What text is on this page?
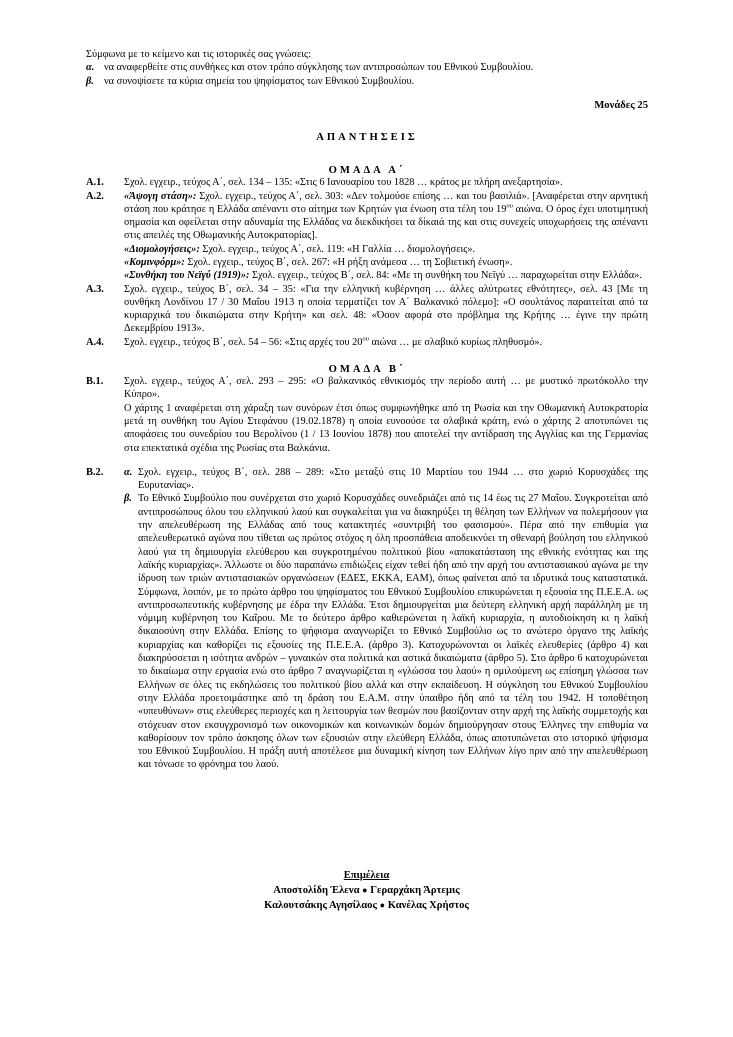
Σύμφωνα με το κείμενο και τις ιστορικές σας γνώσεις:
α. να αναφερθείτε στις συνθήκες και στον τρόπο σύγκλησης των αντιπροσώπων του Εθνικού Συμβουλίου.
β. να συνοψίσετε τα κύρια σημεία του ψηφίσματος των Εθνικού Συμβουλίου.
Μονάδες 25
ΑΠΑΝΤΗΣΕΙΣ
ΟΜΑΔΑ Α΄
Α.1.	Σχολ. εγχειρ., τεύχος Α΄, σελ. 134 – 135: «Στις 6 Ιανουαρίου του 1828 … κράτος με πλήρη ανεξαρτησία».
Α.2.	«Άψογη στάση»: Σχολ. εγχειρ., τεύχος Α΄, σελ. 303: «Δεν τολμούσε επίσης … και του βασιλιά». [Αναφέρεται στην αρνητική στάση που κράτησε η Ελλάδα απέναντι στο αίτημα των Κρητών για ένωση στα τέλη του $19^{o\upsilon}$ αιώνα. Ο όρος έχει υποτιμητική σημασία και οφείλεται στην αδυναμία της Ελλάδας να διεκδικήσει τα δίκαιά της και στις συνεχείς υποχωρήσεις της απέναντι στις απειλές της Οθωμανικής Αυτοκρατορίας].
«Διομολογήσεις»: Σχολ. εγχειρ., τεύχος Α΄, σελ. 119: «Η Γαλλία … διομολογήσεις».
«Κομινφόρμ»: Σχολ. εγχειρ., τεύχος Β΄, σελ. 267: «Η ρήξη ανάμεσα … τη Σοβιετική ένωση».
«Συνθήκη του Νεϊγύ (1919)»: Σχολ. εγχειρ., τεύχος Β΄, σελ. 84: «Με τη συνθήκη του Νεϊγύ … παραχωρείται στην Ελλάδα».
Α.3.	Σχολ. εγχειρ., τεύχος Β΄, σελ. 34 – 35: «Για την ελληνική κυβέρνηση … άλλες αλύτρωτες εθνότητες», σελ. 43 [Με τη συνθήκη Λονδίνου 17 / 30 Μαΐου 1913 η οποία τερματίζει τον Α΄ Βαλκανικό πόλεμο]: «Ο σουλτάνος παραιτείται από τα κυριαρχικά του δικαιώματα στην Κρήτη» και σελ. 48: «Όσον αφορά στο πρόβλημα της Κρήτης … έγινε την πρώτη Δεκεμβρίου 1913».
Α.4.	Σχολ. εγχειρ., τεύχος Β΄, σελ. 54 – 56: «Στις αρχές του $20^{o\upsilon}$ αιώνα … με σλαβικό κυρίως πληθυσμό».
ΟΜΑΔΑ Β΄
Β.1.	Σχολ. εγχειρ., τεύχος Α΄, σελ. 293 – 295: «Ο βαλκανικός εθνικισμός την περίοδο αυτή … με μυστικό πρωτόκολλο την Κύπρο».
Ο χάρτης 1 αναφέρεται στη χάραξη των συνόρων έτσι όπως συμφωνήθηκε από τη Ρωσία και την Οθωμανική Αυτοκρατορία μετά τη συνθήκη του Αγίου Στεφάνου (19.02.1878) η οποία ευνοούσε τα σλαβικά κράτη, ενώ ο χάρτης 2 αποτυπώνει τις αποφάσεις του συνεδρίου του Βερολίνου (1 / 13 Ιουνίου 1878) που αποτελεί την αντίδραση της Αγγλίας και της Γερμανίας στα επεκτατικά σχέδια της Ρωσίας στα Βαλκάνια.
Β.2.	α. Σχολ. εγχειρ., τεύχος Β΄, σελ. 288 – 289: «Στο μεταξύ στις 10 Μαρτίου του 1944 … στο χωριό Κορυσχάδες της Ευρυτανίας».
β. Το Εθνικό Συμβούλιο που συνέρχεται στο χωριό Κορυσχάδες συνεδριάζει από τις 14 έως τις 27 Μαΐου. Συγκροτείται από αντιπροσώπους όλου του ελληνικού λαού και συγκαλείται για να διακηρύξει τη θέληση των Ελλήνων να πολεμήσουν για την απελευθέρωση της Ελλάδας από τους κατακτητές «συντριβή του φασισμού». Πέρα από την επιθυμία για απελευθερωτικό αγώνα που τίθεται ως πρώτος στόχος η όλη προσπάθεια αποδεικνύει τη σθεναρή βούληση του ελληνικού λαού για τη δημιουργία ελεύθερου και συγκροτημένου πολιτικού βίου «αποκατάσταση της εθνικής ενότητας και της λαϊκής κυριαρχίας». Άλλωστε οι δύο παραπάνω επιδιώξεις είχαν τεθεί ήδη από την αρχή του αντιστασιακού αγώνα με την ίδρυση των τριών αντιστασιακών οργανώσεων (ΕΔΕΣ, ΕΚΚΑ, ΕΑΜ), όπως φαίνεται από τα ιδρυτικά τους καταστατικά. Σύμφωνα, λοιπόν, με το πρώτο άρθρο του ψηφίσματος του Εθνικού Συμβουλίου επικυρώνεται η εξουσία της Π.Ε.Ε.Α. ως αντιπροσωπευτικής κυβέρνησης με έδρα την Ελλάδα. Έτσι δημιουργείται μια δεύτερη ελληνική αρχή παράλληλη με τη νόμιμη κυβέρνηση του Καΐρου. Με το δεύτερο άρθρο καθιερώνεται η λαϊκή κυριαρχία, η αυτοδιοίκηση κι η λαϊκή δικαιοσύνη στην Ελλάδα. Επίσης το ψήφισμα αναγνωρίζει το Εθνικό Συμβούλιο ως το ανώτερο όργανο της λαϊκής κυριαρχίας και καθορίζει τις εξουσίες της Π.Ε.Ε.Α. (άρθρο 3). Κατοχυρώνονται οι λαϊκές ελευθερίες (άρθρο 4) και διακηρύσσεται η ισότητα ανδρών – γυναικών στα πολιτικά και αστικά δικαιώματα (άρθρο 5). Στο άρθρο 6 κατοχυρώνεται το δικαίωμα στην εργασία ενώ στο άρθρο 7 αναγνωρίζεται η «γλώσσα του λαού» η ομιλούμενη ως επίσημη γλώσσα των Ελλήνων σε όλες τις εκδηλώσεις του πολιτικού βίου αλλά και στην εκπαίδευση. Η σύγκληση του Εθνικού Συμβουλίου στην Ελλάδα προετοιμάστηκε από τη δράση του Ε.Α.Μ. στην ύπαιθρο ήδη από τα τέλη του 1942. Η τοποθέτηση «υπευθύνων» στις ελεύθερες περιοχές και η λειτουργία των θεσμών που βασίζονταν στην αρχή της λαϊκής συμμετοχής και στόχευαν στον εκσυγχρονισμό των οικονομικών και κοινωνικών δομών δημιούργησαν στους Έλληνες την επιθυμία να καθορίσουν τον τρόπο άσκησης όλων των εξουσιών στην ελεύθερη Ελλάδα, όπως αποτυπώνεται στο ιστορικό ψήφισμα του Εθνικού Συμβουλίου. Η πράξη αυτή αποτέλεσε μια δυναμική κίνηση των Ελλήνων λίγο πριν από την απελευθέρωση και τόνωσε το φρόνημα του λαού.
Επιμέλεια
Αποστολίδη Έλενα ● Γεραρχάκη Άρτεμις
Καλουτσάκης Αγησίλαος ● Κανέλας Χρήστος
